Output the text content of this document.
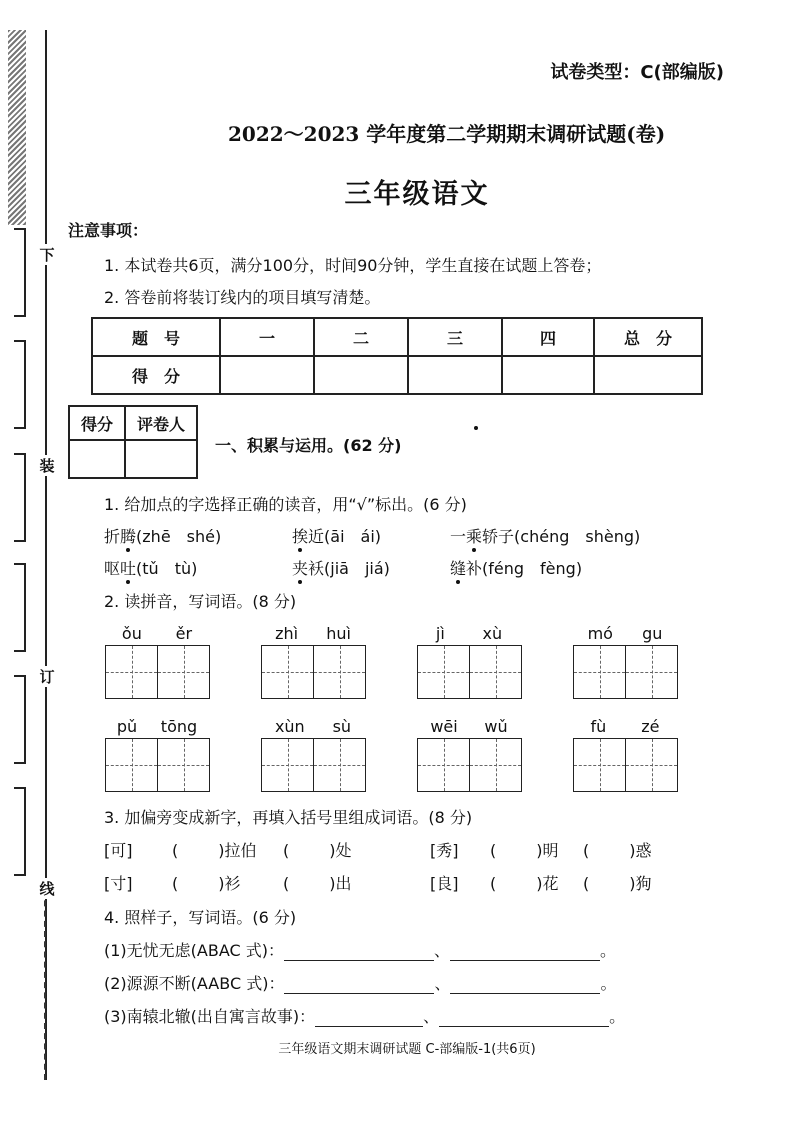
下
装
订
线
试卷类型：C(部编版)
2022～2023 学年度第二学期期末调研试题(卷)
三年级语文
注意事项：
1. 本试卷共6页，满分100分，时间90分钟，学生直接在试题上答卷；
2. 答卷前将装订线内的项目填写清楚。
题　号	一	二	三	四	总　分
得　分					
得分	评卷人

一、积累与运用。(62 分)
1. 给加点的字选择正确的读音，用“√”标出。(6 分)
折腾(zhē　shé)	挨近(āi　ái)	一乘轿子(chéng　shèng)
呕吐(tǔ　tù)	夹袄(jiā　jiá)	缝补(féng　fèng)
2. 读拼音，写词语。(8 分)
ǒu ěr	zhì huì	jì xù	mó gu
pǔ tōng	xùn sù	wēi wǔ	fù zé
3. 加偏旁变成新字，再填入括号里组成词语。(8 分)
[可] (	)拉伯 (	)处	[秀] (	)明 (	)惑
[寸] (	)衫	(	)出	[良] (	)花 (	)狗
4. 照样子，写词语。(6 分)
(1)无忧无虑(ABAC 式)：	、	。
(2)源源不断(AABC 式)：	、	。
(3)南辕北辙(出自寓言故事)：	、	。
三年级语文期末调研试题 C-部编版-1(共6页)
